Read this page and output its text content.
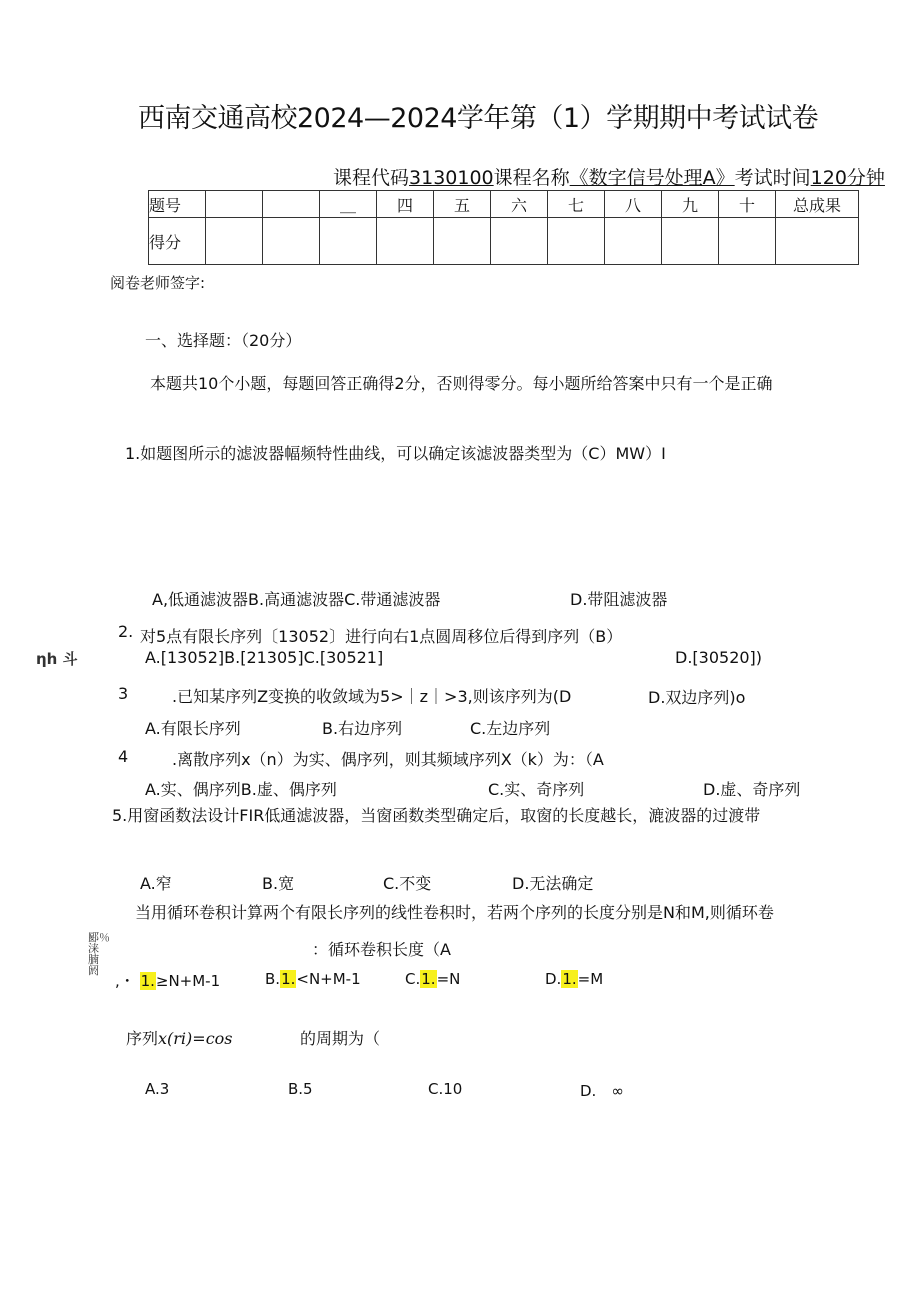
西南交通高校2024—2024学年第（1）学期期中考试试卷
课程代码3130100课程名称《数字信号处理A》考试时间120分钟
题号			＿	四	五	六	七	八	九	十	总成果
得分											
阅卷老师签字:
一、选择题：（20分）
本题共10个小题，每题回答正确得2分，否则得零分。每小题所给答案中只有一个是正确
1.如题图所示的滤波器幅频特性曲线，可以确定该滤波器类型为（C）MW）I
A,低通滤波器B.高通滤波器C.带通滤波器	D.带阻滤波器
2. 对5点有限长序列〔13052〕进行向右1点圆周移位后得到序列（B）
A.[13052]B.[21305]C.[30521]	D.[30520])
ηh 斗
3	.已知某序列Z变换的收敛域为5>｜z｜>3,则该序列为(D	D.双边序列)o
A.有限长序列	B.右边序列	C.左边序列
4	.离散序列x（n）为实、偶序列，则其频域序列X（k）为：（A
A.实、偶序列B.虚、偶序列	C.实、奇序列	D.虚、奇序列
5.用窗函数法设计FIR低通滤波器，当窗函数类型确定后，取窗的长度越长，漉波器的过渡带
A.窄	B.宽	C.不变	D.无法确定
当用循环卷积计算两个有限长序列的线性卷积时，若两个序列的长度分别是N和M,则循环卷
：循环卷积长度（A
郾％ 涞腩阏
,・ 1.≥N+M-1	B.1.<N+M-1	C.1.=N	D.1.=M
序列x(ri)=cos	的周期为（
A.3	B.5	C.10	D.　∞
